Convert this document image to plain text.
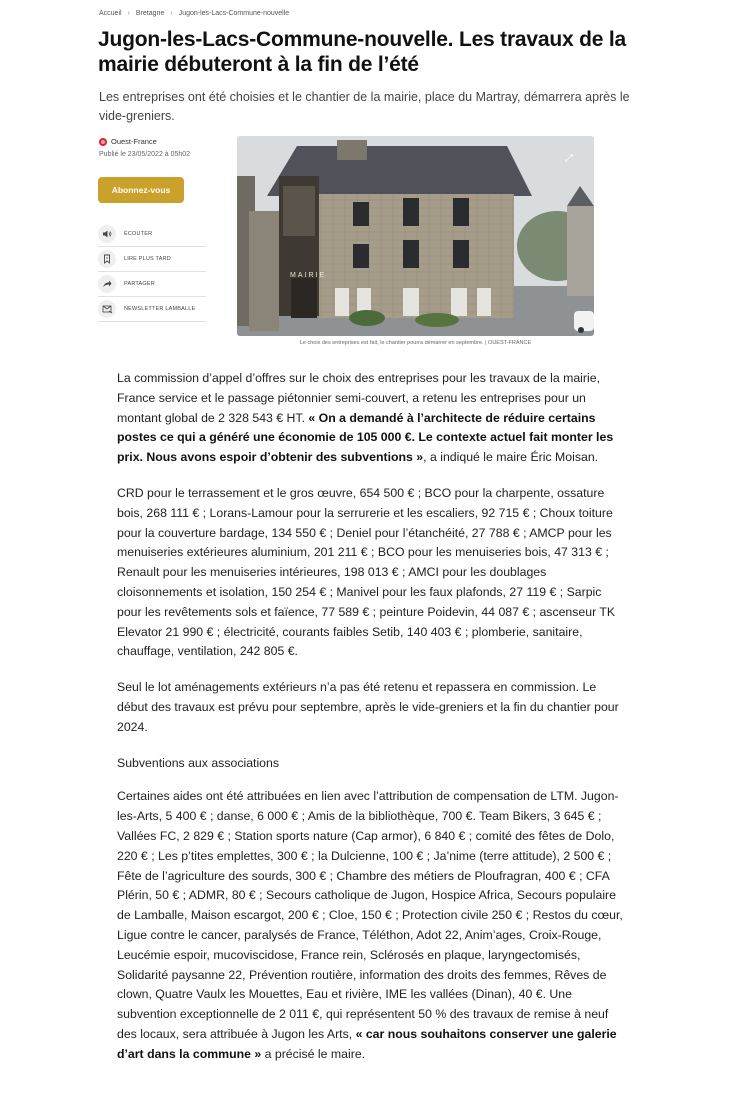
Accueil › Bretagne › Jugon-les-Lacs-Commune-nouvelle
Jugon-les-Lacs-Commune-nouvelle. Les travaux de la mairie débuteront à la fin de l’été

Les entreprises ont été choisies et le chantier de la mairie, place du Martray, démarrera après le vide-greniers.

Ouest-France
Publié le 23/05/2022 à 05h02
Abonnez-vous
ÉCOUTER
LIRE PLUS TARD
PARTAGER
NEWSLETTER LAMBALLE
MAIRIE
⤢
Le choix des entreprises est fait, le chantier pourra démarrer en septembre. | OUEST-FRANCE

La commission d’appel d’offres sur le choix des entreprises pour les travaux de la mairie, France service et le passage piétonnier semi-couvert, a retenu les entreprises pour un montant global de 2 328 543 € HT. « On a demandé à l’architecte de réduire certains postes ce qui a généré une économie de 105 000 €. Le contexte actuel fait monter les prix. Nous avons espoir d’obtenir des subventions », a indiqué le maire Éric Moisan.

CRD pour le terrassement et le gros œuvre, 654 500 € ; BCO pour la charpente, ossature bois, 268 111 € ; Lorans-Lamour pour la serrurerie et les escaliers, 92 715 € ; Choux toiture pour la couverture bardage, 134 550 € ; Deniel pour l’étanchéité, 27 788 € ; AMCP pour les menuiseries extérieures aluminium, 201 211 € ; BCO pour les menuiseries bois, 47 313 € ; Renault pour les menuiseries intérieures, 198 013 € ; AMCI pour les doublages cloisonnements et isolation, 150 254 € ; Manivel pour les faux plafonds, 27 119 € ; Sarpic pour les revêtements sols et faïence, 77 589 € ; peinture Poidevin, 44 087 € ; ascenseur TK Elevator 21 990 € ; électricité, courants faibles Setib, 140 403 € ; plomberie, sanitaire, chauffage, ventilation, 242 805 €.

Seul le lot aménagements extérieurs n’a pas été retenu et repassera en commission. Le début des travaux est prévu pour septembre, après le vide-greniers et la fin du chantier pour 2024.

Subventions aux associations

Certaines aides ont été attribuées en lien avec l’attribution de compensation de LTM. Jugon-les-Arts, 5 400 € ; danse, 6 000 € ; Amis de la bibliothèque, 700 €. Team Bikers, 3 645 € ; Vallées FC, 2 829 € ; Station sports nature (Cap armor), 6 840 € ; comité des fêtes de Dolo, 220 € ; Les p’tites emplettes, 300 € ; la Dulcienne, 100 € ; Ja’nime (terre attitude), 2 500 € ; Fête de l’agriculture des sourds, 300 € ; Chambre des métiers de Ploufragran, 400 € ; CFA Plérin, 50 € ; ADMR, 80 € ; Secours catholique de Jugon, Hospice Africa, Secours populaire de Lamballe, Maison escargot, 200 € ; Cloe, 150 € ; Protection civile 250 € ; Restos du cœur, Ligue contre le cancer, paralysés de France, Téléthon, Adot 22, Anim’ages, Croix-Rouge, Leucémie espoir, mucoviscidose, France rein, Sclérosés en plaque, laryngectomisés, Solidarité paysanne 22, Prévention routière, information des droits des femmes, Rêves de clown, Quatre Vaulx les Mouettes, Eau et rivière, IME les vallées (Dinan), 40 €. Une subvention exceptionnelle de 2 011 €, qui représentent 50 % des travaux de remise à neuf des locaux, sera attribuée à Jugon les Arts, « car nous souhaitons conserver une galerie d’art dans la commune » a précisé le maire.
